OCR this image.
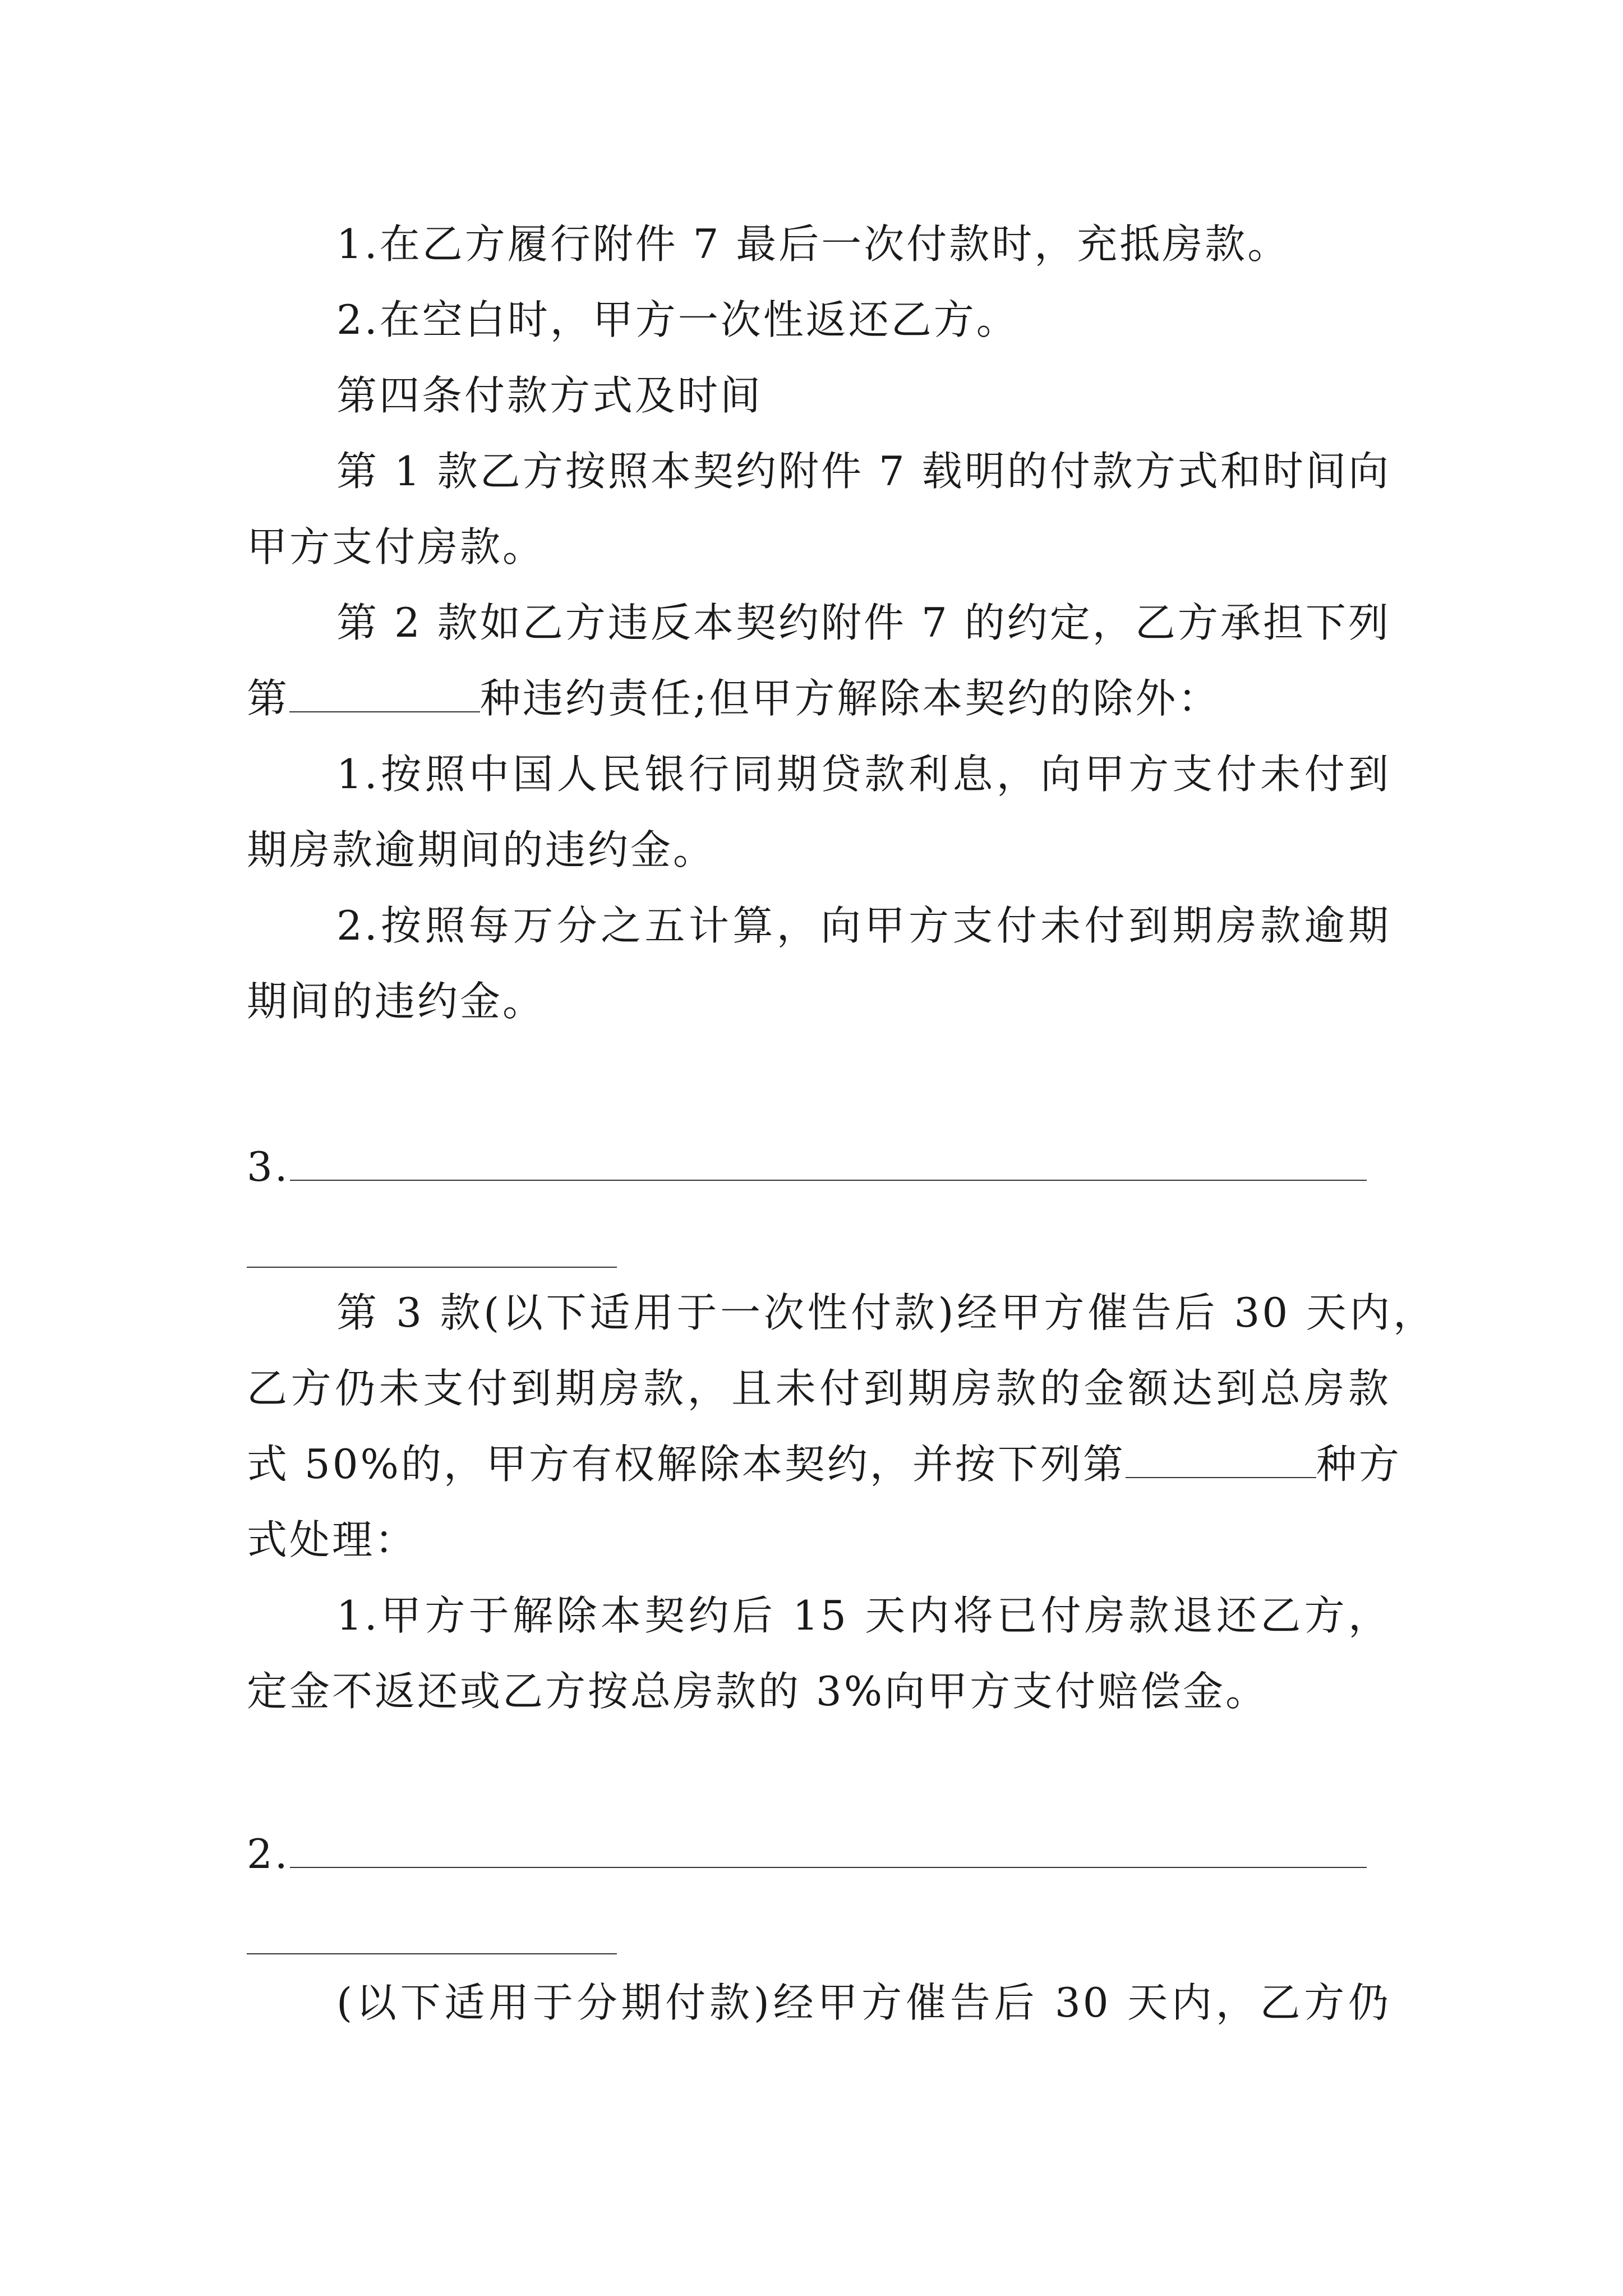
1.在乙方履行附件 7 最后一次付款时，充抵房款。
2.在空白时，甲方一次性返还乙方。
第四条付款方式及时间
第 1 款乙方按照本契约附件 7 载明的付款方式和时间向
甲方支付房款。
第 2 款如乙方违反本契约附件 7 的约定，乙方承担下列
第	种违约责任;但甲方解除本契约的除外：
1.按照中国人民银行同期贷款利息，向甲方支付未付到
期房款逾期间的违约金。
2.按照每万分之五计算，向甲方支付未付到期房款逾期
期间的违约金。
3.
第 3 款(以下适用于一次性付款)经甲方催告后 30 天内，
乙方仍未支付到期房款，且未付到期房款的金额达到总房款
式 50%的，甲方有权解除本契约，并按下列第	种方
式处理：
1.甲方于解除本契约后 15 天内将已付房款退还乙方，
定金不返还或乙方按总房款的 3%向甲方支付赔偿金。
2.
(以下适用于分期付款)经甲方催告后 30 天内，乙方仍
